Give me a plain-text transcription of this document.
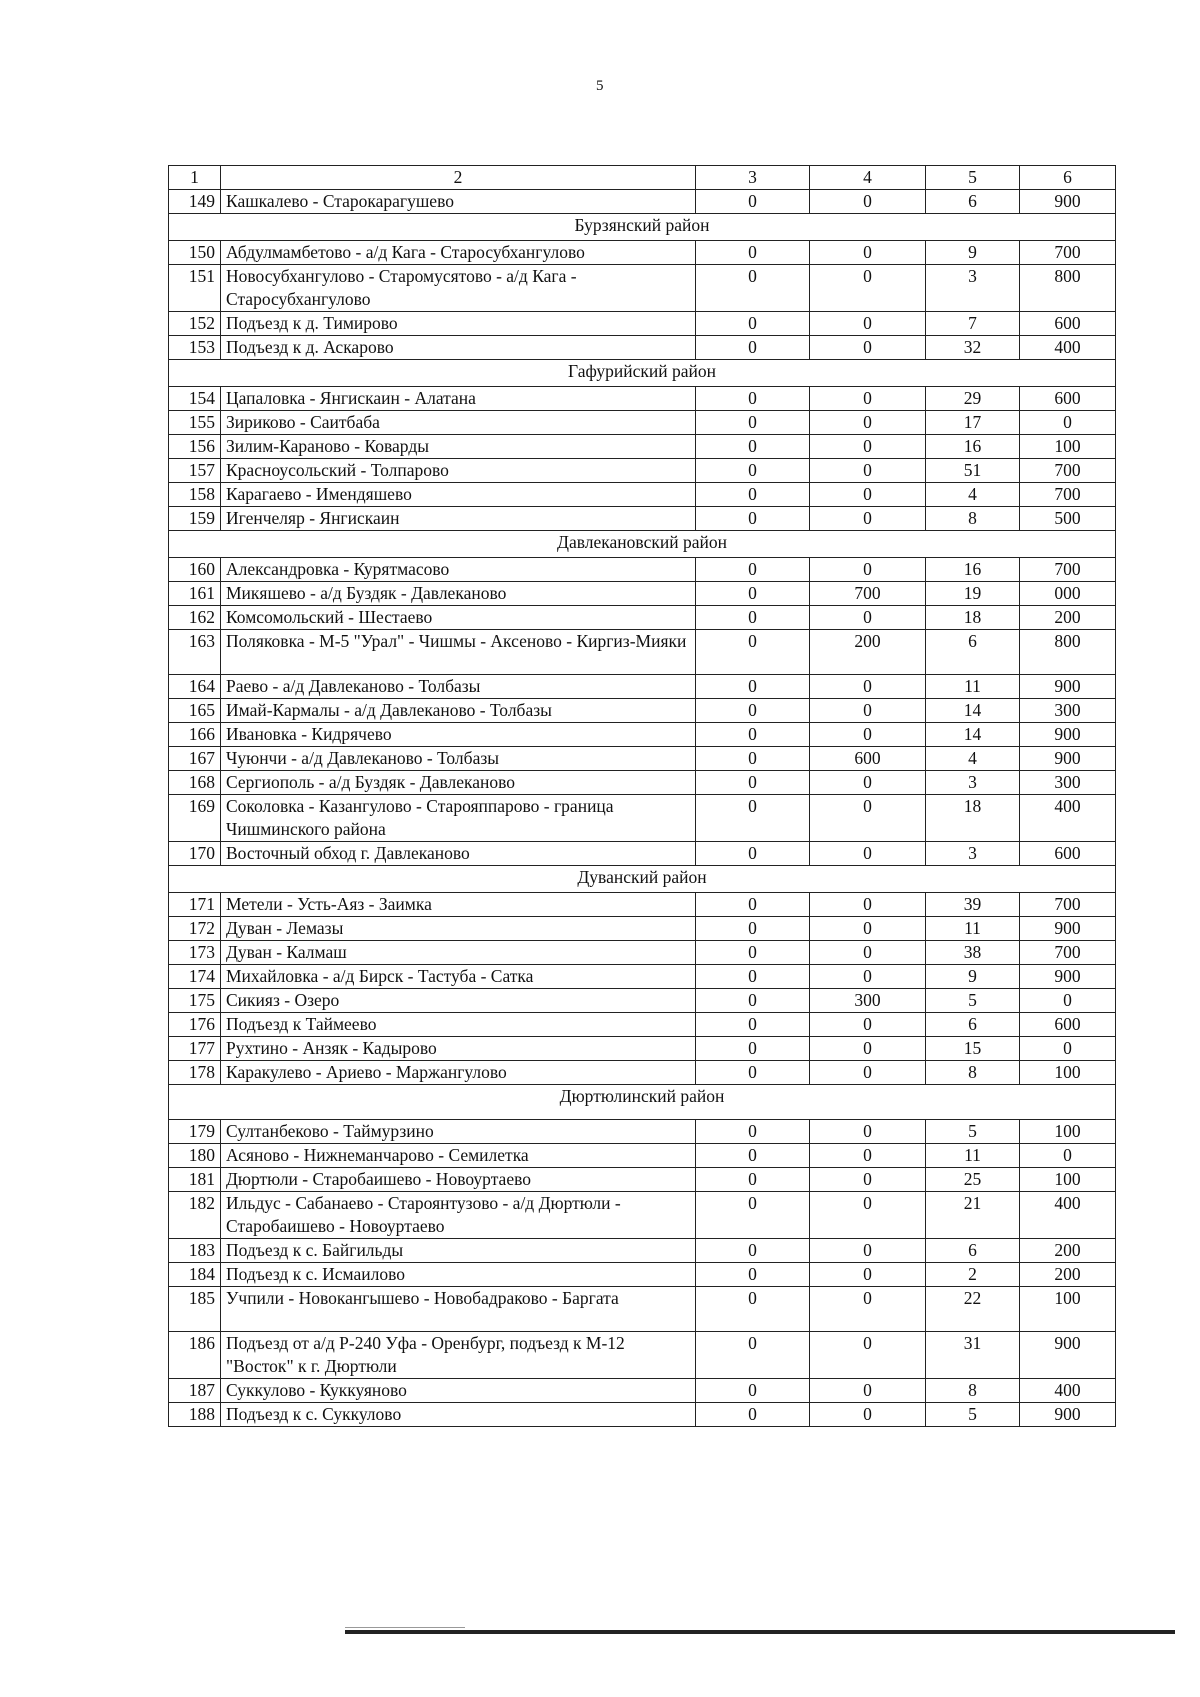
5
1	2	3	4	5	6
149	Кашкалево - Старокарагушево	0	0	6	900
Бурзянский район					
150	Абдулмамбетово - а/д Кага - Старосубхангулово	0	0	9	700
151	Новосубхангулово - Старомусятово - а/д Кага - Старосубхангулово	0	0	3	800
152	Подъезд к д. Тимирово	0	0	7	600
153	Подъезд к д. Аскарово	0	0	32	400
Гафурийский район					
154	Цапаловка - Янгискаин - Алатана	0	0	29	600
155	Зириково - Саитбаба	0	0	17	0
156	Зилим-Караново - Коварды	0	0	16	100
157	Красноусольский - Толпарово	0	0	51	700
158	Карагаево - Имендяшево	0	0	4	700
159	Игенчеляр - Янгискаин	0	0	8	500
Давлекановский район					
160	Александровка - Курятмасово	0	0	16	700
161	Микяшево - а/д Буздяк - Давлеканово	0	700	19	000
162	Комсомольский - Шестаево	0	0	18	200
163	Поляковка - М-5 "Урал" - Чишмы - Аксеново - Киргиз-Мияки	0	200	6	800
164	Раево - а/д Давлеканово - Толбазы	0	0	11	900
165	Имай-Кармалы - а/д Давлеканово - Толбазы	0	0	14	300
166	Ивановка - Кидрячево	0	0	14	900
167	Чуюнчи - а/д Давлеканово - Толбазы	0	600	4	900
168	Сергиополь - а/д Буздяк - Давлеканово	0	0	3	300
169	Соколовка - Казангулово - Старояппарово - граница Чишминского района	0	0	18	400
170	Восточный обход г. Давлеканово	0	0	3	600
Дуванский район					
171	Метели - Усть-Аяз - Заимка	0	0	39	700
172	Дуван - Лемазы	0	0	11	900
173	Дуван - Калмаш	0	0	38	700
174	Михайловка - а/д Бирск - Тастуба - Сатка	0	0	9	900
175	Сикияз - Озеро	0	300	5	0
176	Подъезд к Таймеево	0	0	6	600
177	Рухтино - Анзяк - Кадырово	0	0	15	0
178	Каракулево - Ариево - Маржангулово	0	0	8	100
Дюртюлинский район					
179	Султанбеково - Таймурзино	0	0	5	100
180	Асяново - Нижнеманчарово - Семилетка	0	0	11	0
181	Дюртюли - Старобаишево - Новоуртаево	0	0	25	100
182	Ильдус - Сабанаево - Староянтузово - а/д Дюртюли - Старобаишево - Новоуртаево	0	0	21	400
183	Подъезд к с. Байгильды	0	0	6	200
184	Подъезд к с. Исмаилово	0	0	2	200
185	Учпили - Новокангышево - Новобадраково - Баргата	0	0	22	100
186	Подъезд от а/д Р-240 Уфа - Оренбург, подъезд к М-12 "Восток" к г. Дюртюли	0	0	31	900
187	Суккулово - Куккуяново	0	0	8	400
188	Подъезд к с. Суккулово	0	0	5	900
